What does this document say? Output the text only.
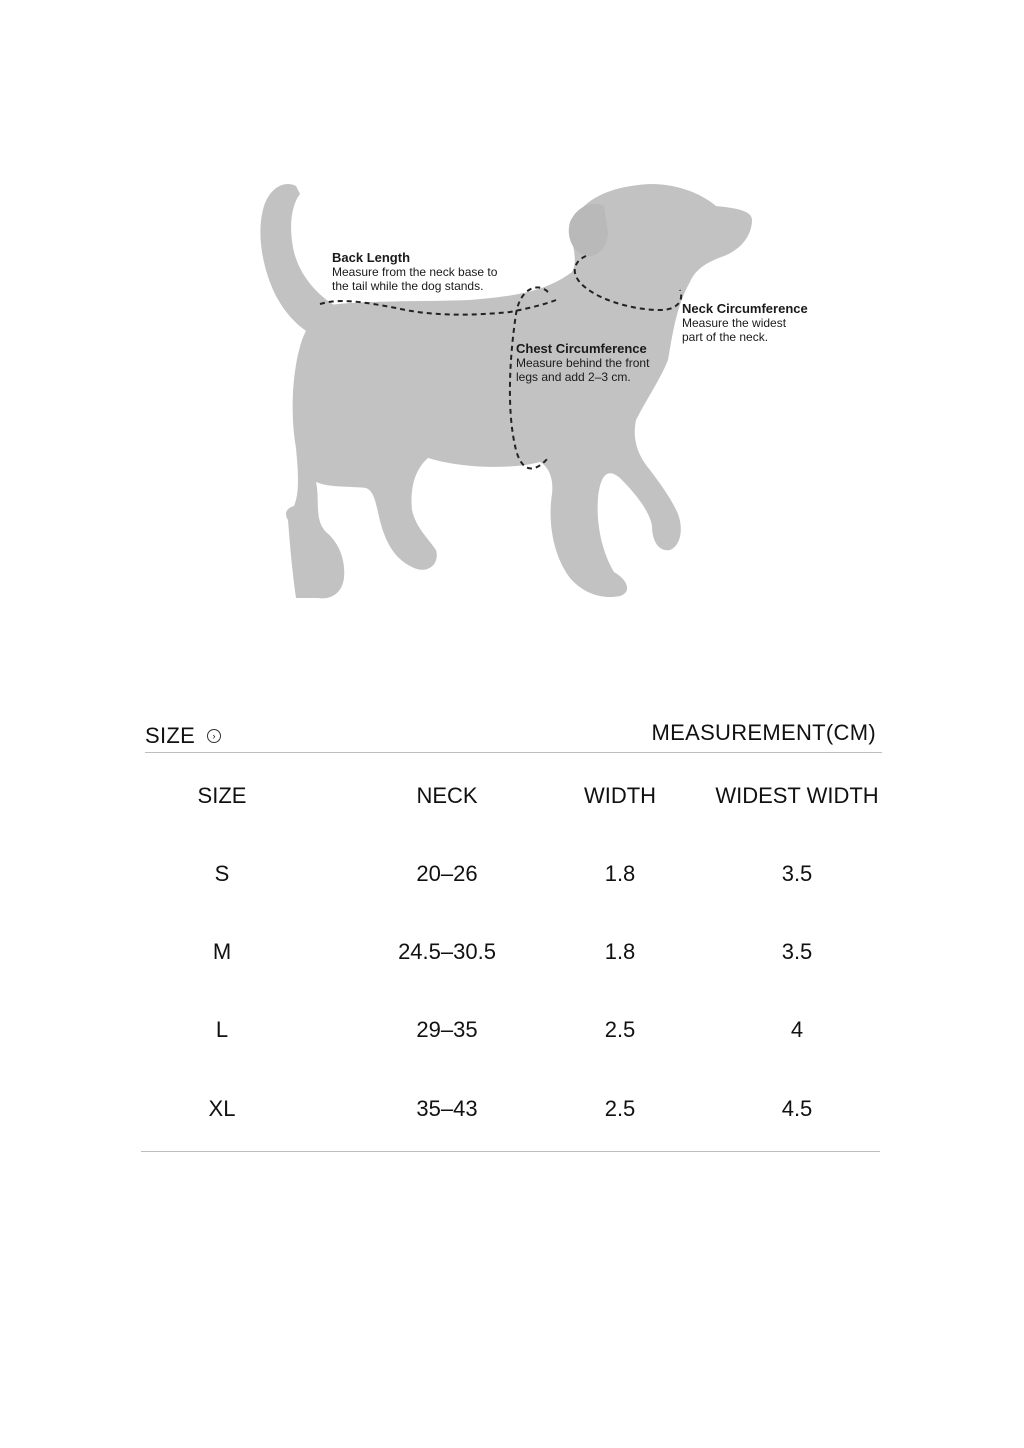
Back Length
Measure from the neck base to
the tail while the dog stands.
Neck Circumference
Measure the widest
part of the neck.
Chest Circumference
Measure behind the front
legs and add 2–3 cm.
SIZE	›	MEASUREMENT(CM)
SIZE	NECK	WIDTH	WIDEST WIDTH
S	20–26	1.8	3.5
M	24.5–30.5	1.8	3.5
L	29–35	2.5	4
XL	35–43	2.5	4.5
